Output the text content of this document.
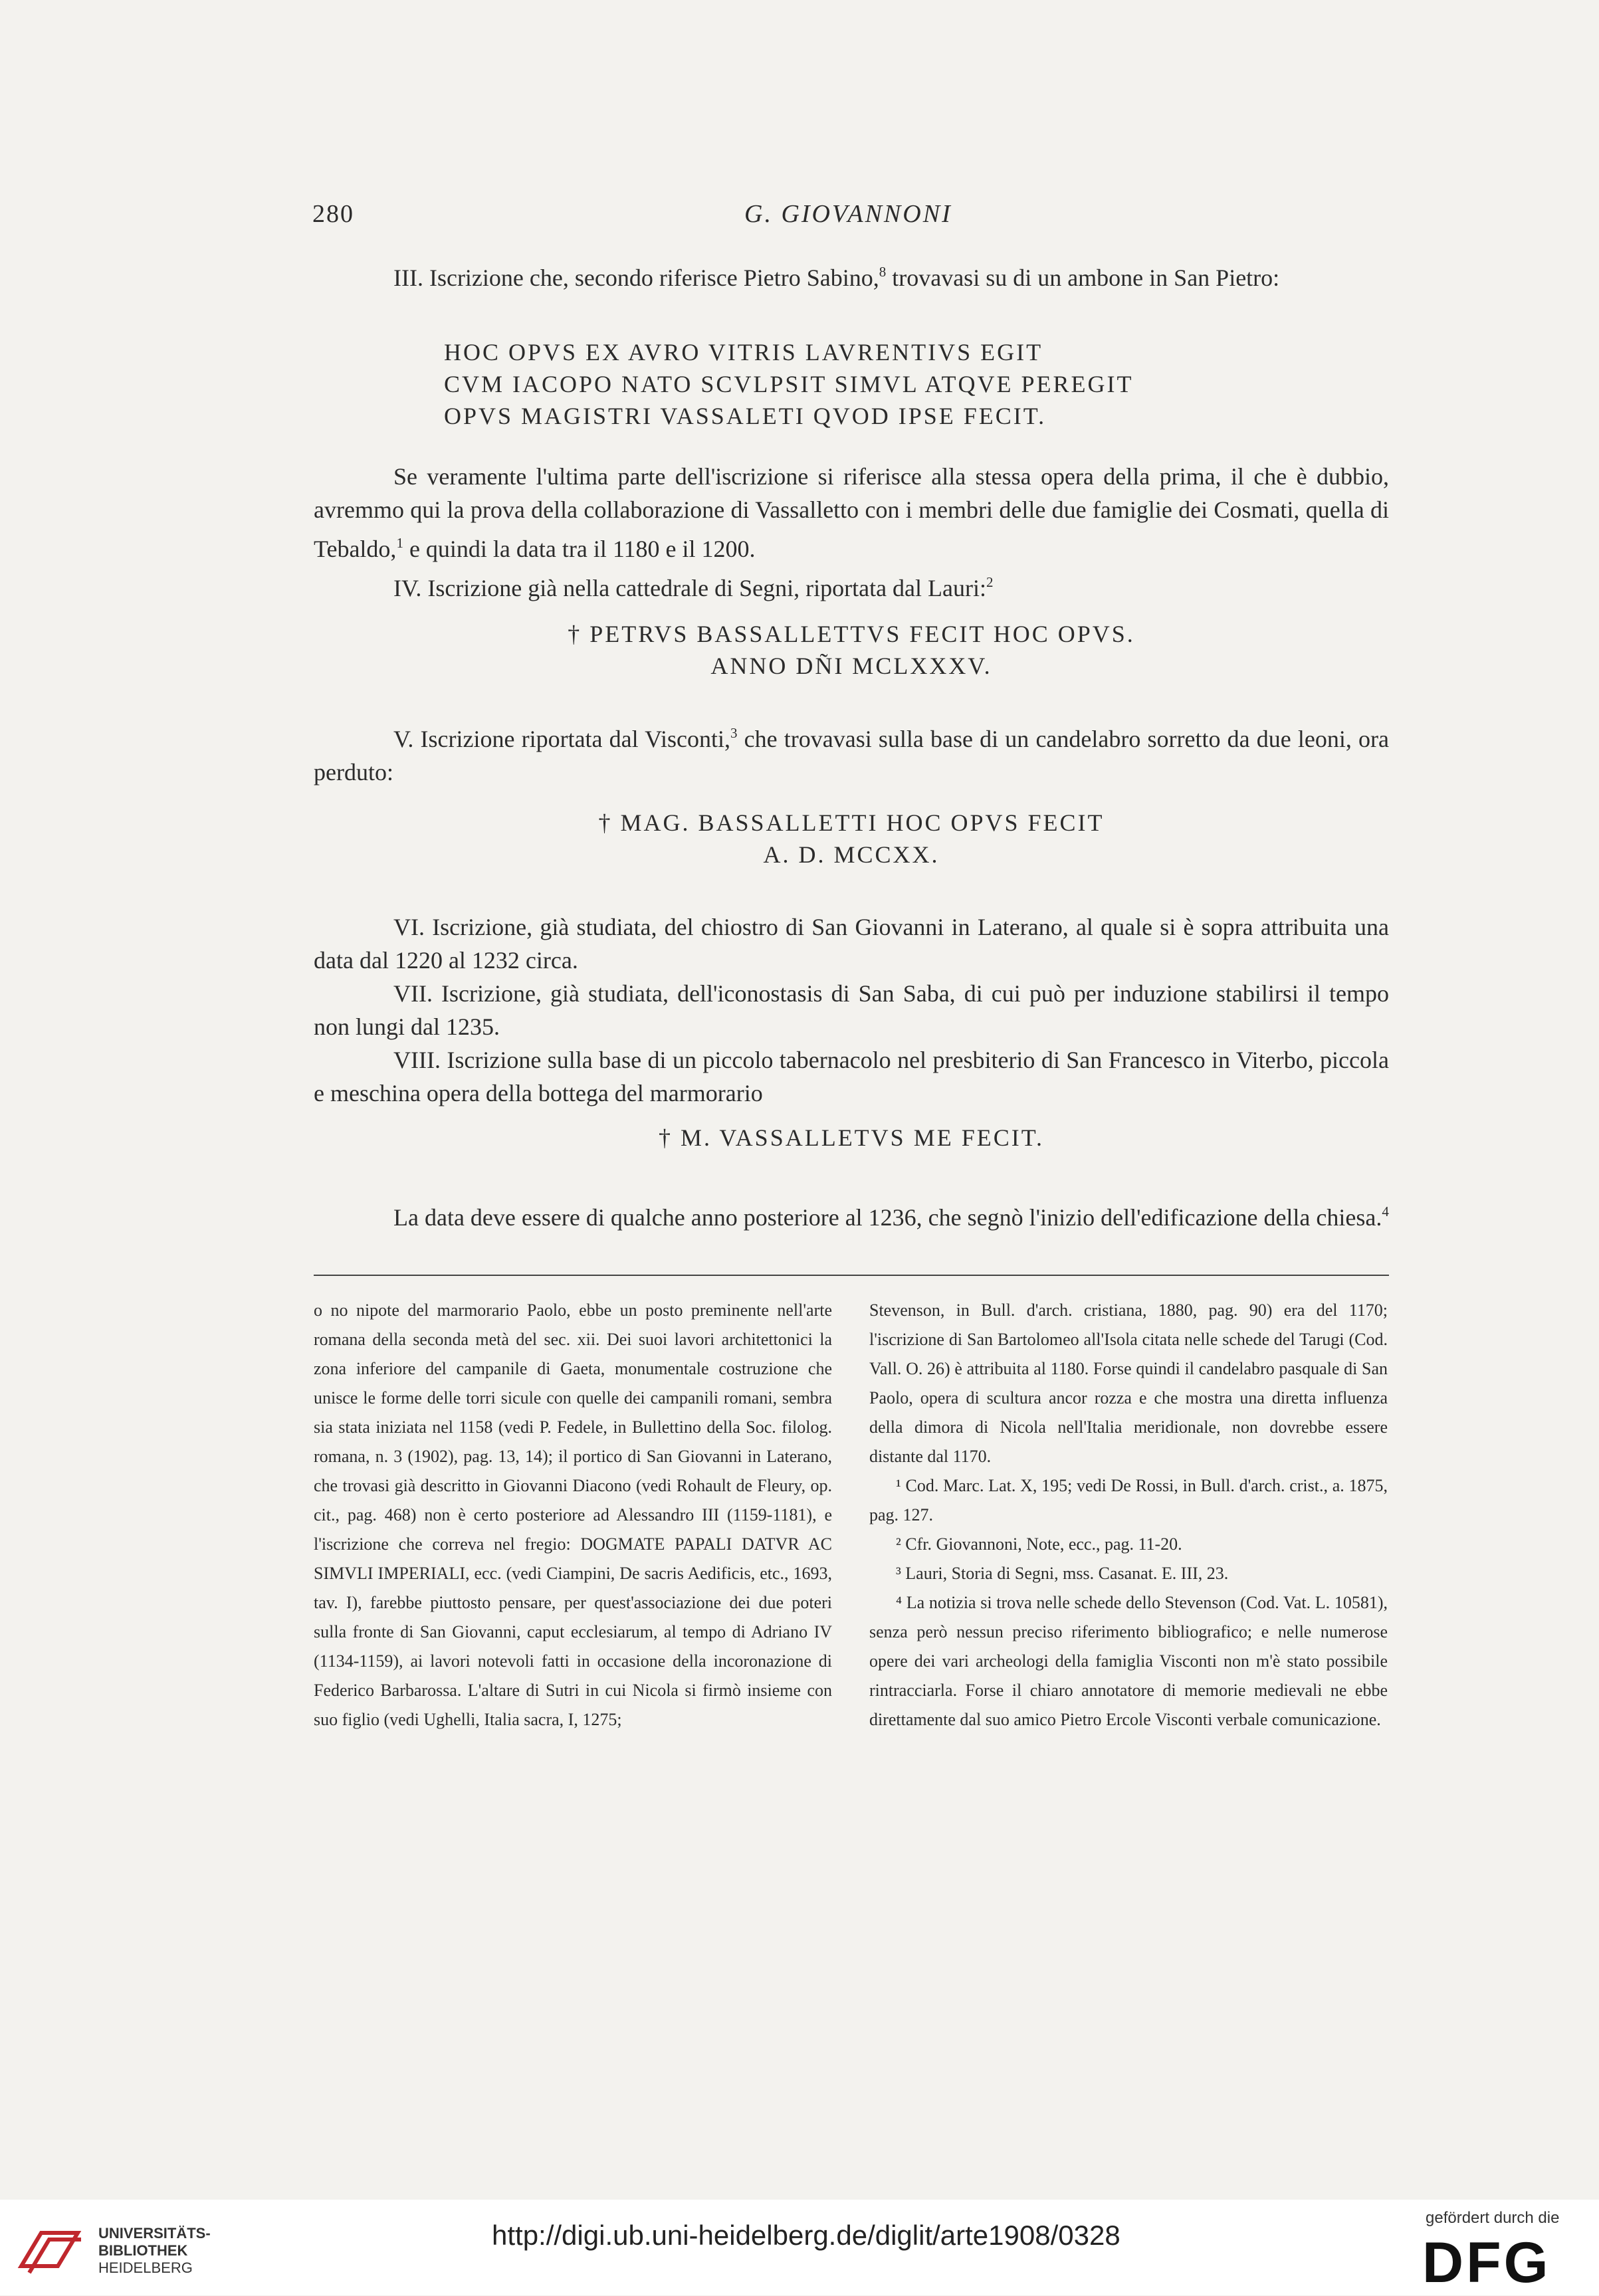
280	G. GIOVANNONI

III. Iscrizione che, secondo riferisce Pietro Sabino,$^8$ trovavasi su di un ambone in San Pietro:

HOC OPVS EX AVRO VITRIS LAVRENTIVS EGIT
CVM IACOPO NATO SCVLPSIT SIMVL ATQVE PEREGIT
OPVS MAGISTRI VASSALETI QVOD IPSE FECIT.

Se veramente l'ultima parte dell'iscrizione si riferisce alla stessa opera della prima, il che è dubbio, avremmo qui la prova della collaborazione di Vassalletto con i membri delle due famiglie dei Cosmati, quella di Tebaldo,$^1$ e quindi la data tra il 1180 e il 1200.

IV. Iscrizione già nella cattedrale di Segni, riportata dal Lauri:$^2$

† PETRVS BASSALLETTVS FECIT HOC OPVS.
ANNO DÑI MCLXXXV.

V. Iscrizione riportata dal Visconti,$^3$ che trovavasi sulla base di un candelabro sorretto da due leoni, ora perduto:

† MAG. BASSALLETTI HOC OPVS FECIT
A. D. MCCXX.

VI. Iscrizione, già studiata, del chiostro di San Giovanni in Laterano, al quale si è sopra attribuita una data dal 1220 al 1232 circa.

VII. Iscrizione, già studiata, dell'iconostasis di San Saba, di cui può per induzione stabilirsi il tempo non lungi dal 1235.

VIII. Iscrizione sulla base di un piccolo tabernacolo nel presbiterio di San Francesco in Viterbo, piccola e meschina opera della bottega del marmorario

† M. VASSALLETVS ME FECIT.

La data deve essere di qualche anno posteriore al 1236, che segnò l'inizio dell'edificazione della chiesa.$^4$

o no nipote del marmorario Paolo, ebbe un posto preminente nell'arte romana della seconda metà del sec. xii. Dei suoi lavori architettonici la zona inferiore del campanile di Gaeta, monumentale costruzione che unisce le forme delle torri sicule con quelle dei campanili romani, sembra sia stata iniziata nel 1158 (vedi P. Fedele, in Bullettino della Soc. filolog. romana, n. 3 (1902), pag. 13, 14); il portico di San Giovanni in Laterano, che trovasi già descritto in Giovanni Diacono (vedi Rohault de Fleury, op. cit., pag. 468) non è certo posteriore ad Alessandro III (1159-1181), e l'iscrizione che correva nel fregio: DOGMATE PAPALI DATVR AC SIMVLI IMPERIALI, ecc. (vedi Ciampini, De sacris Aedificis, etc., 1693, tav. I), farebbe piuttosto pensare, per quest'associazione dei due poteri sulla fronte di San Giovanni, caput ecclesiarum, al tempo di Adriano IV (1134-1159), ai lavori notevoli fatti in occasione della incoronazione di Federico Barbarossa. L'altare di Sutri in cui Nicola si firmò insieme con suo figlio (vedi Ughelli, Italia sacra, I, 1275;

Stevenson, in Bull. d'arch. cristiana, 1880, pag. 90) era del 1170; l'iscrizione di San Bartolomeo all'Isola citata nelle schede del Tarugi (Cod. Vall. O. 26) è attribuita al 1180. Forse quindi il candelabro pasquale di San Paolo, opera di scultura ancor rozza e che mostra una diretta influenza della dimora di Nicola nell'Italia meridionale, non dovrebbe essere distante dal 1170.

¹ Cod. Marc. Lat. X, 195; vedi De Rossi, in Bull. d'arch. crist., a. 1875, pag. 127.

² Cfr. Giovannoni, Note, ecc., pag. 11-20.

³ Lauri, Storia di Segni, mss. Casanat. E. III, 23.

⁴ La notizia si trova nelle schede dello Stevenson (Cod. Vat. L. 10581), senza però nessun preciso riferimento bibliografico; e nelle numerose opere dei vari archeologi della famiglia Visconti non m'è stato possibile rintracciarla. Forse il chiaro annotatore di memorie medievali ne ebbe direttamente dal suo amico Pietro Ercole Visconti verbale comunicazione.

UNIVERSITÄTS-
BIBLIOTHEK
HEIDELBERG
http://digi.ub.uni-heidelberg.de/diglit/arte1908/0328
gefördert durch die
DFG
